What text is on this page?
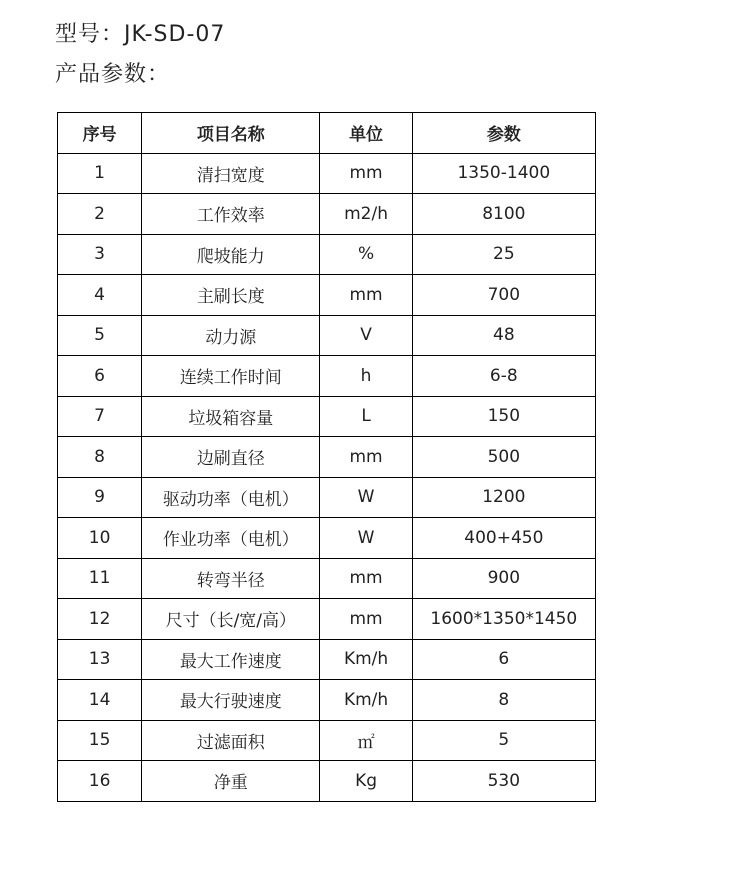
型号：JK-SD-07
产品参数：
序号	项目名称	单位	参数
1	清扫宽度	mm	1350-1400
2	工作效率	m2/h	8100
3	爬坡能力	%	25
4	主刷长度	mm	700
5	动力源	V	48
6	连续工作时间	h	6-8
7	垃圾箱容量	L	150
8	边刷直径	mm	500
9	驱动功率（电机）	W	1200
10	作业功率（电机）	W	400+450
11	转弯半径	mm	900
12	尺寸（长/宽/高）	mm	1600*1350*1450
13	最大工作速度	Km/h	6
14	最大行驶速度	Km/h	8
15	过滤面积	㎡	5
16	净重	Kg	530
